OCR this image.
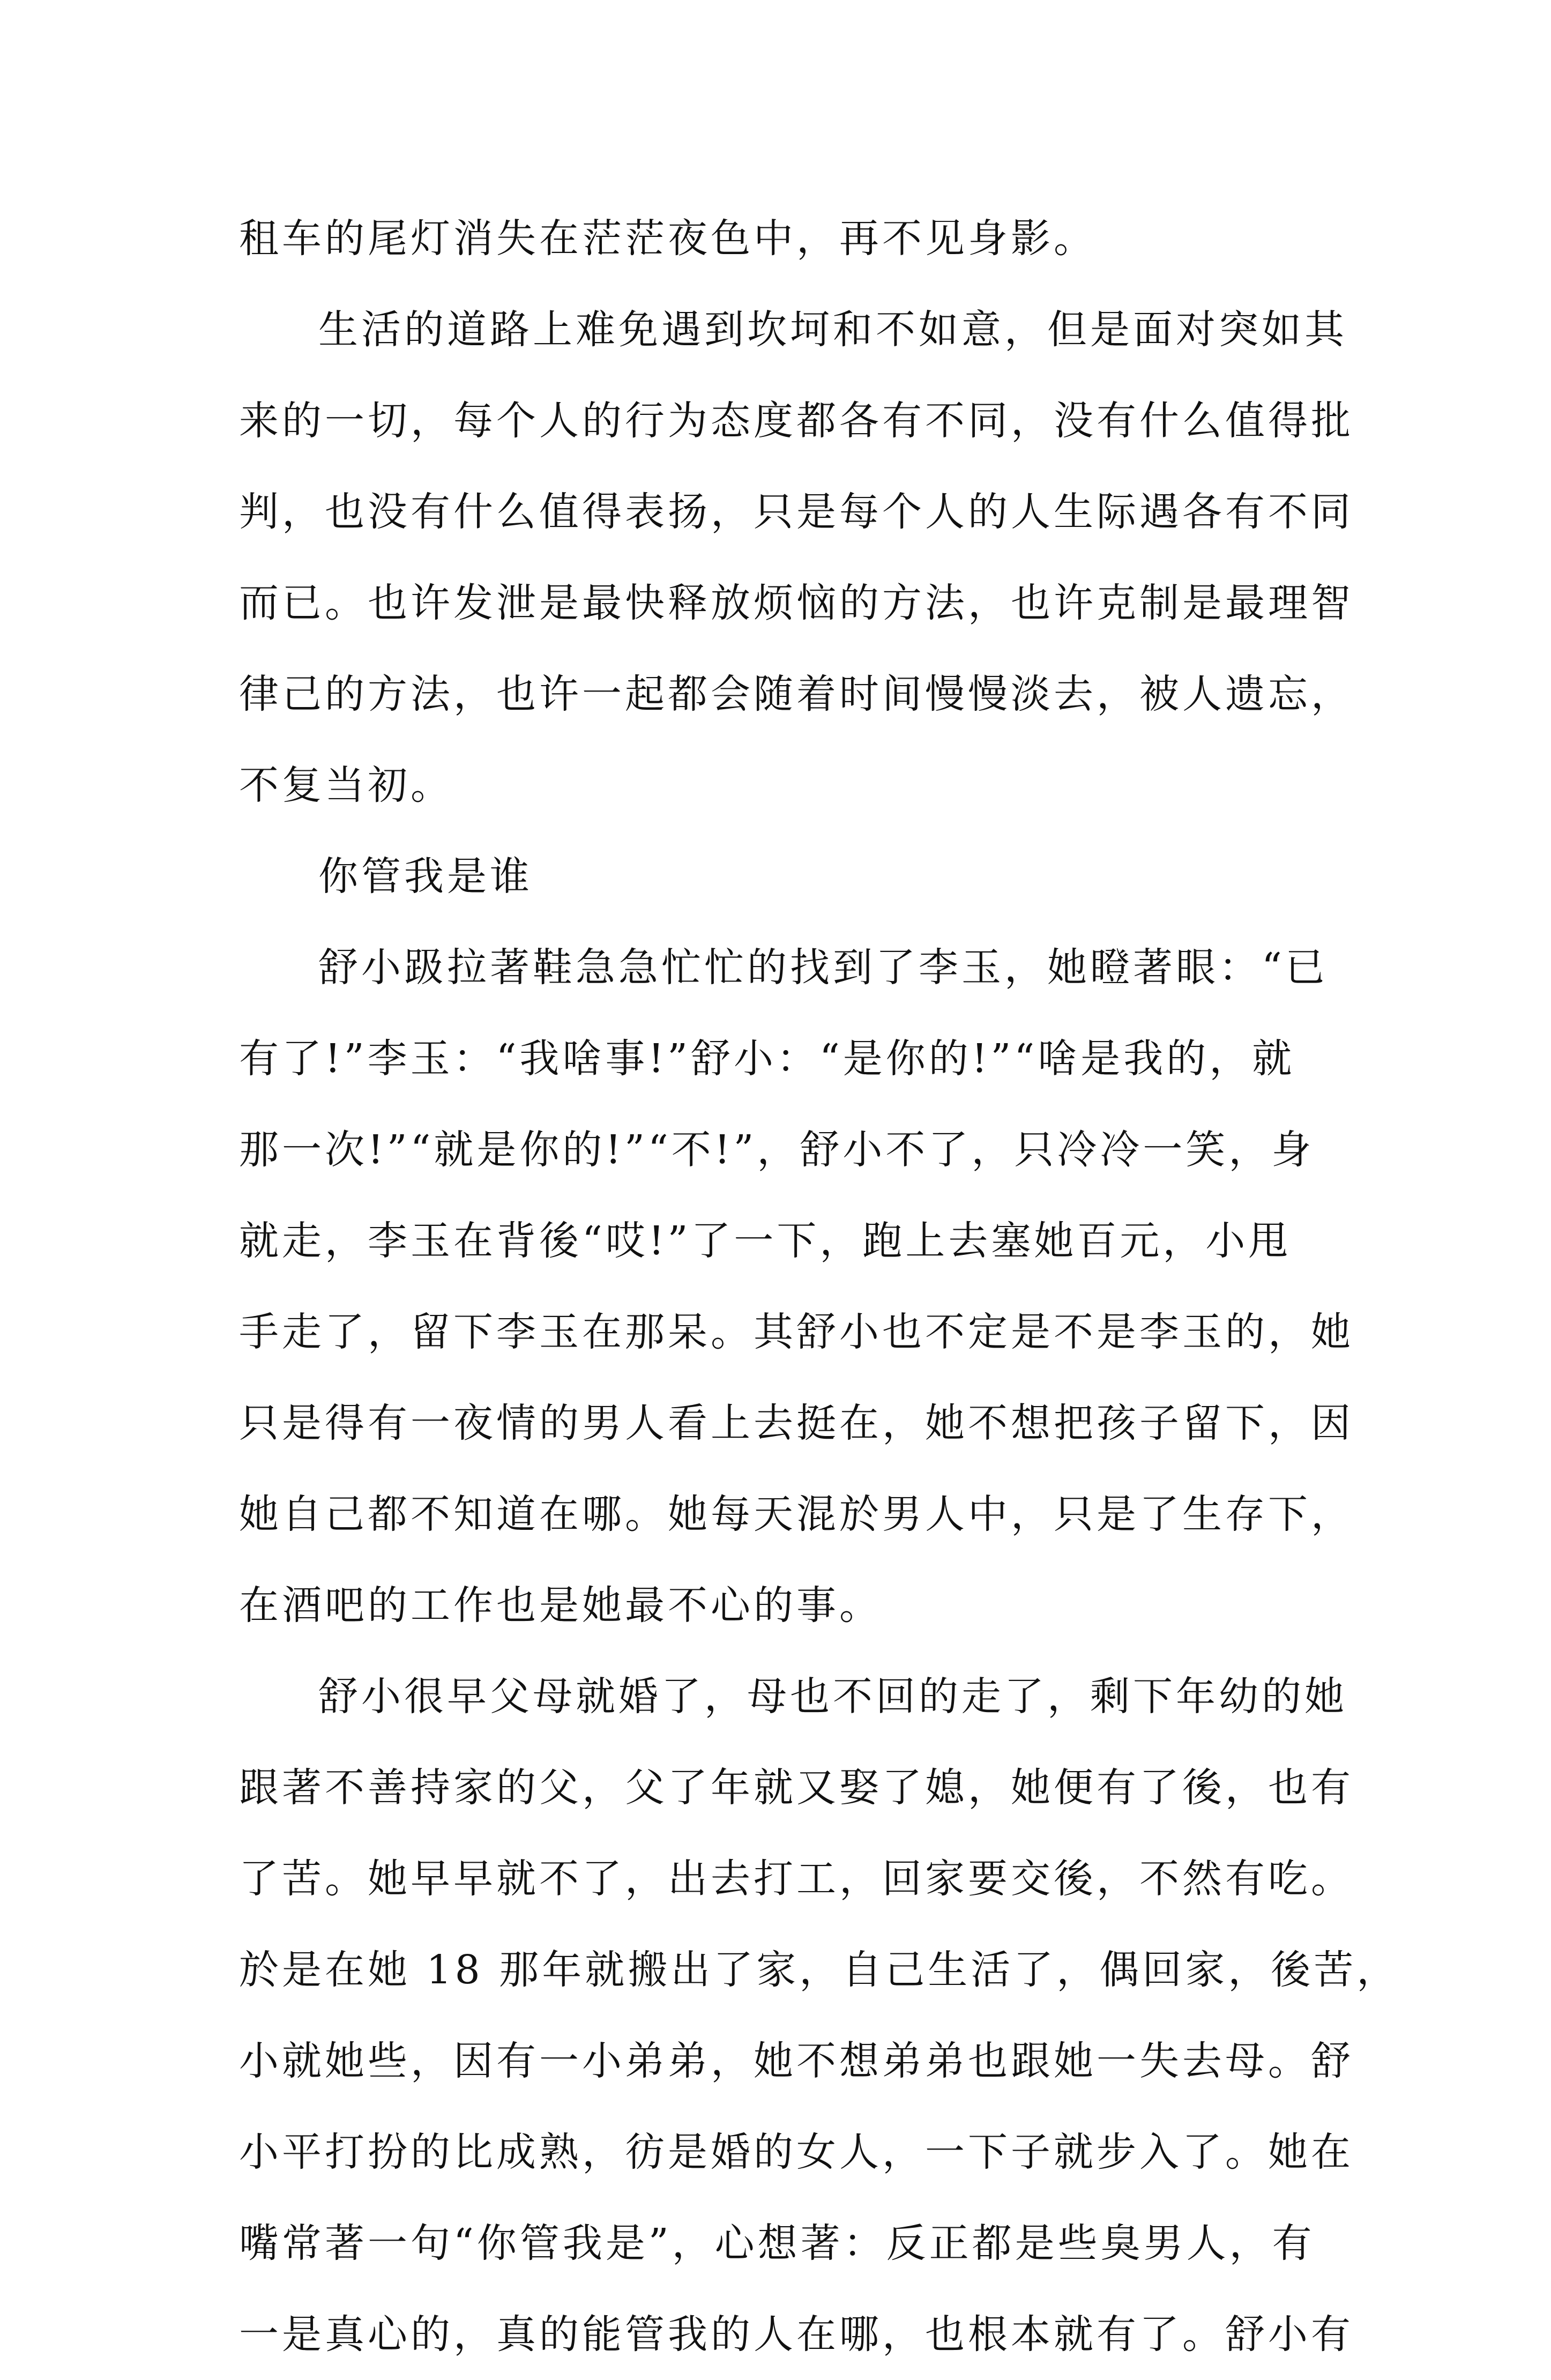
租车的尾灯消失在茫茫夜色中，再不见身影。
生活的道路上难免遇到坎坷和不如意，但是面对突如其
来的一切，每个人的行为态度都各有不同，没有什么值得批
判，也没有什么值得表扬，只是每个人的人生际遇各有不同
而已。也许发泄是最快释放烦恼的方法，也许克制是最理智
律己的方法，也许一起都会随着时间慢慢淡去，被人遗忘，
不复当初。
你管我是谁
舒小趿拉著鞋急急忙忙的找到了李玉，她瞪著眼：“已
有了!”李玉：“我啥事!”舒小：“是你的!”“啥是我的，就
那一次!”“就是你的!”“不!”，舒小不了，只冷冷一笑，身
就走，李玉在背後“哎!”了一下，跑上去塞她百元，小甩
手走了，留下李玉在那呆。其舒小也不定是不是李玉的，她
只是得有一夜情的男人看上去挺在，她不想把孩子留下，因
她自己都不知道在哪。她每天混於男人中，只是了生存下，
在酒吧的工作也是她最不心的事。
舒小很早父母就婚了，母也不回的走了，剩下年幼的她
跟著不善持家的父，父了年就又娶了媳，她便有了後，也有
了苦。她早早就不了，出去打工，回家要交後，不然有吃。
於是在她 18 那年就搬出了家，自己生活了，偶回家，後苦，
小就她些，因有一小弟弟，她不想弟弟也跟她一失去母。舒
小平打扮的比成熟，彷是婚的女人，一下子就步入了。她在
嘴常著一句“你管我是”，心想著：反正都是些臭男人，有
一是真心的，真的能管我的人在哪，也根本就有了。舒小有
